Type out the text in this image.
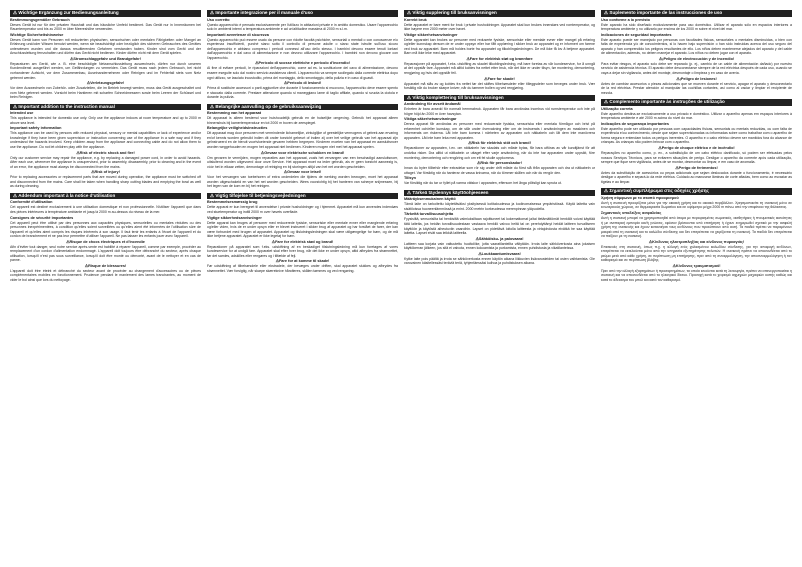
⚠ Wichtige Ergänzung zur Bedienungsanleitung
Bestimmungsgemäßer Gebrauch
Dieses Gerät ist nur für den privaten Haushalt und das häusliche Umfeld bestimmt. Das Gerät nur in Innenräumen bei Raumtemperatur und bis zu 2000 m über Meereshöhe verwenden.
Wichtige Sicherheitshinweise
Dieses Gerät kann von Personen mit reduzierten physischen, sensorischen oder mentalen Fähigkeiten oder Mangel an Erfahrung und/oder Wissen benutzt werden, wenn sie beaufsichtigt oder bezüglich des sicheren Gebrauches des Gerätes unterwiesen wurden und die daraus resultierenden Gefahren verstanden haben. Kinder sind vom Gerät und der Anschlussleitung fernzuhalten und dürfen das Gerät nicht bedienen. Kinder dürfen nicht mit dem Gerät spielen.
⚠Stromschlaggefahr und Brandgefahr!
Reparaturen am Gerät, wie z. B. eine beschädigte Netzanschlussleitung auswechseln, dürfen nur durch unseren Kundendienst ausgeführt werden, um Gefährdungen zu vermeiden. Das Gerät muss nach jedem Gebrauch, bei nicht vorhandener Aufsicht, vor dem Zusammenbau, Auseinandernehmen oder Reinigen und im Fehlerfall stets vom Netz getrennt werden.
⚠Verletzungsgefahr!
Vor dem Auswechseln von Zubehör- oder Zusatzteilen, die im Betrieb bewegt werden, muss das Gerät ausgeschaltet und vom Netz getrennt werden. Vorsicht beim Hantieren mit scharfen Schneidmessern sowie beim Leeren der Schüssel und beim Reinigen.
⚠ Important addition to the instruction manual
Intended use
This appliance is intended for domestic use only. Only use the appliance indoors at room temperature and up to 2000 m above sea level.
Important safety information
This appliance can be used by persons with reduced physical, sensory or mental capabilities or lack of experience and/or knowledge if they have been given supervision or instruction concerning use of the appliance in a safe way and if they understand the hazards involved. Keep children away from the appliance and connecting cable and do not allow them to use the appliance. Do not let children play with the appliance.
⚠Risk of electric shock and fire!
Only our customer service may repair the appliance, e.g. by replacing a damaged power cord, in order to avoid hazards. After each use, whenever the appliance is unsupervised, prior to assembly, disassembly, prior to cleaning and in the event of an error, the appliance must always be disconnected from the mains.
⚠Risk of injury!
Prior to replacing accessories or replacement parts that are moved during operation, the appliance must be switched off and disconnected from the mains. Care shall be taken when handling sharp cutting blades and emptying the bowl as well as during cleaning.
⚠ Addendum important à la notice d'utilisation
Conformité d'utilisation
Cet appareil est destiné exclusivement à une utilisation domestique et non professionnelle. N'utiliser l'appareil que dans des pièces intérieures à température ambiante et jusqu'à 2000 m au-dessus du niveau de la mer.
Consignes de sécurité importantes
Cet appareil peut être utilisé par des personnes aux capacités physiques, sensorielles ou mentales réduites ou des personnes inexpérimentées, à condition qu'elles soient surveillées ou qu'elles aient été informées de l'utilisation sûre de l'appareil et qu'elles aient compris les risques inhérents à son usage. Il faut tenir les enfants à l'écart de l'appareil et du cordon de branchement et ne pas leur permettre d'utiliser l'appareil. Ne pas laisser les enfants jouer avec l'appareil.
⚠Risque de chocs électriques et d'incendie
Afin d'éviter tout danger, seul notre service après-vente est habilité à réparer l'appareil, comme par exemple, procéder au remplacement d'un cordon d'alimentation endommagé. L'appareil doit toujours être débranché du secteur, après chaque utilisation, lorsqu'il n'est pas sous surveillance, lorsqu'il doit être monté ou démonté, avant de le nettoyer et en cas de panne.
⚠Risque de blessures!
L'appareil doit être éteint et débranché du secteur avant de procéder au changement d'accessoires ou de pièces complémentaires mobiles en fonctionnement. Prudence pendant le maniement des lames tranchantes, au moment de vider le bol ainsi que lors du nettoyage.
⚠ Importante integrazione per il manuale d'uso
Uso corretto
Questo apparecchio è pensato esclusivamente per l'utilizzo in abitazioni private e in ambito domestico. Usare l'apparecchio solo in ambienti interni a temperatura ambiente e ad un'altitudine massima di 2000 m s.l.m.
Importanti avvertenze di sicurezza
Questo apparecchio può essere usato da persone con ridotte facoltà psichiche, sensoriali o mentali o con conoscenze e/o esperienza insufficienti, purché siano sotto il controllo di persone adulte o siano state istruite sull'uso sicuro dell'apparecchio e abbiano compreso i pericoli connessi all'uso dello stesso. I bambini devono essere tenuti lontani dall'apparecchio e dal cavo di alimentazione e non devono utilizzare l'apparecchio. I bambini non devono giocare con l'apparecchio.
⚠Pericolo di scosse elettriche e pericolo d'incendio!
Al fine di evitare pericoli, le riparazioni dell'apparecchio, come ad es. la sostituzione del cavo di alimentazione, devono essere eseguite solo dal nostro servizio assistenza clienti. L'apparecchio va sempre scollegato dalla corrente elettrica dopo ogni utilizzo, se lasciato incustodito, prima del montaggio, dello smontaggio, della pulizia e in caso di guasti.
⚠Pericolo di lesioni!
Prima di sostituire accessori o parti aggiuntive che durante il funzionamento si muovono, l'apparecchio deve essere spento e staccato dalla corrente. Prestare attenzione quando si maneggiano lame di taglio affilate, quando si svuota la ciotola e durante la pulizia.
⚠ Belangrijke aanvulling op de gebruiksaanwijzing
Bestemming van het apparaat
Dit apparaat is alleen bestemd voor huishoudelijk gebruik en de huiselijke omgeving. Gebruik het apparaat alleen binnenshuis bij kamertemperatuur en tot 2000 m boven de zeespiegel.
Belangrijke veiligheidsinstructies
Dit apparaat mag door personen met verminderde lichamelijke, zintuiglijke of geestelijke vermogens of gebrek aan ervaring en/of kennis worden gebruikt indien dit onder toezicht gebeurt of indien zij over het veilige gebruik van het apparaat zijn geïnstrueerd en de hieruit voortvloeiende gevaren hebben begrepen. Kinderen moeten van het apparaat en aansluitsnoer worden weggehouden en mogen het apparaat niet bedienen. Kinderen mogen niet met het apparaat spelen.
⚠Gevaar voor elektrische schokken en brand!
Om gevaren te vermijden, mogen reparaties aan het apparaat, zoals het vervangen van een beschadigd aansluitsnoer, uitsluitend worden uitgevoerd door onze Service. Het apparaat moet na ieder gebruik, als er geen toezicht aanwezig is, vóór het in elkaar zetten, demontage of reiniging en bij storingen altijd van het net worden gescheiden.
⚠Gevaar voor letsel!
Voor het vervangen van toebehoren of extra onderdelen die tijdens de werking worden bewogen, moet het apparaat worden uitgeschakeld en van het net worden gescheiden. Wees voorzichtig bij het hanteren van scherpe snijmessen, bij het legen van de kom en bij het reinigen.
⚠ Vigtig tilføjelse til betjeningsvejledningen
Bestemmelsesmæssig brug
Dette apparat er kun beregnet til anvendelse i private husholdninger og i hjemmet. Apparatet må kun anvendes indendørs ved stuetemperatur og indtil 2000 m over havets overflade.
Vigtige sikkerhedsanvisninger
Dette apparat kan bruges af personer med reducerede fysiske, sensoriske eller mentale evner eller manglende erfaring og/eller viden, hvis de er under opsyn eller er blevet instrueret i sikker brug af apparatet og har forstået de farer, der kan være forbundet med brugen af apparatet. Apparatet og tilslutningsledningen skal være utilgængelige for børn, og de må ikke betjene apparatet. Apparatet er ikke legetøj for børn.
⚠Fare for elektrisk stød og brand!
Reparationer på apparatet som f.eks. udskiftning af en beskadiget tilslutningsledning må kun foretages af vores kundeservice for at undgå fare. Apparatet skal efter hver brug, når det ikke er under opsyn, altid afbrydes fra strømnettet, før det samles, adskilles eller rengøres og i tilfælde af fejl.
⚠Fare for at komme til skade!
Før udskiftning af tilbehørsdele eller ekstradele, der bevæges under driften, skal apparatet slukkes og afbrydes fra strømnettet. Vær forsigtig, når skarpe skæreknive håndteres, skålen tømmes og ved rengøring.
⚠ Viktig supplering till bruksanvisningen
Korrekt bruk
Dette apparatet er bare ment for bruk i private husholdninger. Apparatet skal kun brukes innendørs ved romtemperatur, og ikke høyere enn 2000 meter over havet.
Viktige sikkerhetsanvisninger
Dette apparatet kan brukes av personer med reduserte fysiske, sensoriske eller mentale evner eller mangel på erfaring og/eller kunnskap dersom de er under oppsyn eller har fått opplæring i sikker bruk av apparatet og er informert om farene ved bruk av apparatet. Barn må holdes borte fra apparatet og tilkoblingsledningen. De må ikke få lov å betjene apparatet. Barn må ikke leke med apparatet.
⚠Fare for elektrisk støt og brannfare
Reparasjoner på apparatet, f.eks. utskifting av skadet tilkoblingsledning, må bare foretas av vår kundeservice, for å unngå at det oppstår fare. Apparatet må alltid kobles fra nettet etter bruk, når det ikke er under tilsyn, før montering, demontering, rengjøring og hvis det oppstår feil.
⚠Fare for skade!
Apparatet må slås av og kobles fra nettet før det skiftes tilbehørsdeler eller tilleggsdeler som beveges under bruk. Vær forsiktig når du bruker skarpe kniver, når du tømmer bollen og ved rengjøring.
⚠ Viktig komplettering till bruksanvisningen
Användning för avsett ändamål
Enheten är bara avsedd för normalt hemmabruk. Apparaten får bara användas inomhus vid rumstemperatur och inte på högre höjd än 2000 m över havsytan.
Viktiga säkerhetsanvisningar
Denna apparat får användas av personer med reducerade fysiska, sensoriska eller mentala förmågor och brist på erfarenhet och/eller kunskap, om de står under övervakning eller om de instruerats i användningen av maskinen och informerats om riskerna. Låt inte barn komma i närheten av apparaten och nätkabeln och låt dem inte manövrera apparaten. Låt inte barn leka med apparaten.
⚠Risk för elektrisk stöt och brand!
Reparationer av apparaten, t.ex. om nätkabeln har skadats och måste bytas, får bara utföras av vår kundtjänst för att undvika risker. Dra alltid ut nätkabeln ur uttaget efter varje användning, när du inte har apparaten under uppsikt, före montering, demontering och rengöring och om ett fel skulle uppkomma.
⚠Risk för personskador!
Innan du byter tillbehör eller extradelar som rör sig under drift måste du först slå ifrån apparaten och dra ut nätkabeln ur uttaget. Var försiktig när du hanterar de vassa knivarna, när du tömmer skålen och när du rengör den.
Tillsyn
Var försiktig när du tar ur fyllet på varma vätskor i apparaten, eftersom het ånga plötsligt kan spruta ut.
⚠ Tärkeä täydennys käyttöohjeeseen
Määräyksenmukainen käyttö
Tämä laite on tarkoitettu käytettäväksi yksityisessä kotitaloudessa ja kodinomaisessa ympäristössä. Käytä laitetta vain sisätiloissa huoneenlämmössä ja enint. 2000 metrin korkeudessa merenpinnan yläpuolella.
Tärkeitä turvallisuusohjeita
Fyysisiltä, sensorisilta tai henkisiltä valmiuksiltaan rajoittuneet tai kokemattomat ja/tai tietämättömät henkilöt voivat käyttää tätä laitetta, jos heidän turvallisuudestaan vastaava henkilö valvoo heitä tai on perehdyttänyt heidät laitteen turvalliseen käyttöön ja käytöstä aiheutuviin vaaroihin. Lapset on pidettävä loitolla laitteesta ja virtajohdosta eivätkä he saa käyttää laitetta. Lapset eivät saa leikkiä laitteella.
⚠Sähköisku- ja palovaara!
Laitteen saa korjata vain valtuutettu huoltoliike, jotta vaaratilanteilta vältytään. Irrota laite sähköverkosta aina jokaisen käyttökerran jälkeen, jos sitä ei valvota, ennen kokoamista ja purkamista, ennen puhdistusta ja vikatilanteissa.
⚠Loukkaantumisvaara!
Kytke laite pois päältä ja irrota se sähköverkosta ennen käytön aikana liikkuvien lisävarusteiden tai osien vaihtamista. Ole varovainen käsitellessäsi teräviä teriä, tyhjentäessäsi kulhoa ja puhdistuksen aikana.
⚠ Suplemento importante de las instrucciones de uso
Uso conforme a lo previsto
Este aparato ha sido diseñado exclusivamente para uso doméstico. Utilizar el aparato sólo en espacios interiores a temperatura ambiente y no utilizarlo por encima de los 2000 m sobre el nivel del mar.
Indicaciones de seguridad importantes
Este aparato puede ser manejado por personas con facultades físicas, sensoriales o mentales disminuidas, o bien con falta de experiencia y/o de conocimientos, si lo hacen bajo supervisión o han sido instruidas acerca del uso seguro del aparato y han comprendido los peligros resultantes de ello. Los niños deben mantenerse alejados del aparato y del cable de alimentación, además, no deben manejar el aparato. Los niños no deben jugar con el aparato.
⚠¡Peligro de electrocución y de incendio!
Para evitar riesgos, el aparato solo debe ser reparado (p. ej., cambio de un cable de alimentación dañado) por nuestro servicio de asistencia técnica. El aparato debe desconectarse siempre de la red eléctrica después de cada uso, cuando se vaya a dejar sin vigilancia, antes del montaje, desmontaje o limpieza y en caso de avería.
⚠¡Peligro de lesiones!
Antes de cambiar accesorios o piezas adicionales que se mueven durante el servicio, apagar el aparato y desconectarlo de la red eléctrica. Prestar atención al manipular las cuchillas cortantes, así como al vaciar y limpiar el recipiente de mezcla.
⚠ Complemento importante às instruções de utilização
Utilização correta
Este aparelho destina-se exclusivamente a uso privado e doméstico. Utilizar o aparelho apenas em espaços interiores à temperatura ambiente e até 2000 m acima do nível do mar.
Indicações de segurança importantes
Este aparelho pode ser utilizado por pessoas com capacidades físicas, sensoriais ou mentais reduzidas, ou com falta de experiência e/ou conhecimento, desde que sejam supervisionadas ou informadas sobre como trabalhar com o aparelho de forma segura e entendam todos os perigos inerentes. O aparelho e o cabo elétrico devem ser mantidos fora do alcance de crianças. As crianças não podem brincar com o aparelho.
⚠Perigo de choque elétrico e de incêndio!
Reparações no aparelho como, p. ex., a substituição de um cabo elétrico danificado, só podem ser efetuadas pelos nossos Serviços Técnicos, para se evitarem situações de perigo. Desligar o aparelho da corrente após cada utilização, sempre que fique sem vigilância, antes de se montar, desmontar ou limpar, e em caso de anomalia.
⚠Perigo de ferimentos!
Antes da substituição de acessórios ou peças adicionais que sejam deslocados durante o funcionamento, é necessário desligar o aparelho e separá-lo da rede elétrica. Cuidado ao manusear lâminas de corte afiadas, bem como ao esvaziar as tigelas e ao limpar.
⚠ Σημαντική συμπλήρωμα στις οδηγίες χρήσης
Χρήση σύμφωνα με το σκοπό προορισμού
Αυτή η συσκευή προορίζεται μόνο για την οικιακή χρήση και το οικιακό περιβάλλον. Χρησιμοποιείτε τη συσκευή μόνο σε εσωτερικούς χώρους, σε θερμοκρασία δωματίου και σε υψόμετρο μέχρι 2000 m πάνω από την επιφάνεια της θάλασσας.
Σημαντικές υποδείξεις ασφαλείας
Αυτή η συσκευή μπορεί να χρησιμοποιηθεί από άτομα με περιορισμένες σωματικές, αισθητήριες ή πνευματικές ικανότητες ή με ανεπαρκή εμπειρία και/ή γνώσεις, εφόσον βρίσκονται υπό επιτήρηση ή έχουν ενημερωθεί σχετικά με την ασφαλή χρήση της συσκευής και έχουν κατανοήσει τους κινδύνους που προκύπτουν από αυτή. Τα παιδιά πρέπει να παραμένουν μακριά από τη συσκευή και το καλώδιο σύνδεσης και δεν επιτρέπεται να χειρίζονται τη συσκευή. Τα παιδιά δεν επιτρέπεται να παίζουν με τη συσκευή.
⚠Κίνδυνος ηλεκτροπληξίας και κίνδυνος πυρκαγιάς!
Επισκευές στη συσκευή, όπως π.χ. η αλλαγή ενός χαλασμένου καλωδίου σύνδεσης, για την αποφυγή κινδύνων, επιτρέπεται να εκτελούνται μόνο από την υπηρεσία εξυπηρέτησης πελατών. Η συσκευή πρέπει να αποσυνδέεται από το ρεύμα μετά από κάθε χρήση, σε περίπτωση μη επιτήρησης, πριν από τη συναρμολόγηση, την αποσυναρμολόγηση ή τον καθαρισμό και σε περίπτωση βλάβης.
⚠Κίνδυνος τραυματισμού!
Πριν από την αλλαγή εξαρτημάτων ή προσαρτημάτων, τα οποία κινούνται κατά τη λειτουργία, πρέπει να απενεργοποιείται η συσκευή και να αποσυνδέεται από το ηλεκτρικό δίκτυο. Προσοχή κατά το χειρισμό αιχμηρών μαχαιριών κοπής καθώς και κατά το άδειασμα του μπολ και κατά τον καθαρισμό.
